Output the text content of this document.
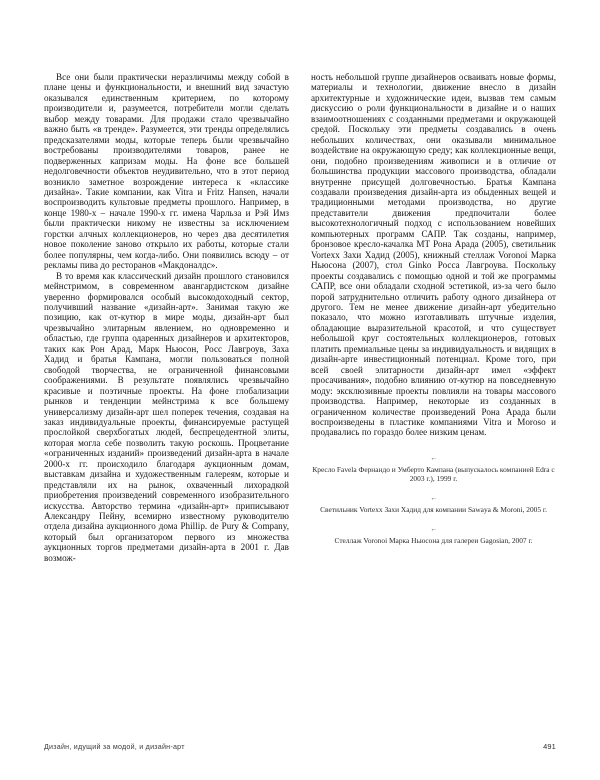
Все они были практически неразличимы между собой в плане цены и функциональности, и внешний вид зачастую оказывался единственным критерием, по которому производители и, разумеется, потребители могли сделать выбор между товарами. Для продажи стало чрезвычайно важно быть «в тренде». Разумеется, эти тренды определялись предсказателями моды, которые теперь были чрезвычайно востребованы производителями товаров, ранее не подверженных капризам моды. На фоне все большей недолговечности объектов неудивительно, что в этот период возникло заметное возрождение интереса к «классике дизайна». Такие компании, как Vitra и Fritz Hansen, начали воспроизводить культовые предметы прошлого. Например, в конце 1980-х – начале 1990-х гг. имена Чарльза и Рэй Имз были практически никому не известны за исключением горстки алчных коллекционеров, но через два десятилетия новое поколение заново открыло их работы, которые стали более популярны, чем когда-либо. Они появились всюду – от рекламы пива до ресторанов «Макдоналдс».

В то время как классический дизайн прошлого становился мейнстримом, в современном авангардистском дизайне уверенно формировался особый высокодоходный сектор, получивший название «дизайн-арт». Занимая такую же позицию, как от-кутюр в мире моды, дизайн-арт был чрезвычайно элитарным явлением, но одновременно и областью, где группа одаренных дизайнеров и архитекторов, таких как Рон Арад, Марк Ньюсон, Росс Лавгроув, Заха Хадид и братья Кампана, могли пользоваться полной свободой творчества, не ограниченной финансовыми соображениями. В результате появлялись чрезвычайно красивые и поэтичные проекты. На фоне глобализации рынков и тенденции мейнстрима к все большему универсализму дизайн-арт шел поперек течения, создавая на заказ индивидуальные проекты, финансируемые растущей прослойкой сверхбогатых людей, беспрецедентной элиты, которая могла себе позволить такую роскошь. Процветание «ограниченных изданий» произведений дизайн-арта в начале 2000-х гг. происходило благодаря аукционным домам, выставкам дизайна и художественным галереям, которые и представляли их на рынок, охваченный лихорадкой приобретения произведений современного изобразительного искусства. Авторство термина «дизайн-арт» приписывают Александру Пейну, всемирно известному руководителю отдела дизайна аукционного дома Phillip. de Pury & Company, который был организатором первого из множества аукционных торгов предметами дизайн-арта в 2001 г. Дав возмож-

ность небольшой группе дизайнеров осваивать новые формы, материалы и технологии, движение внесло в дизайн архитектурные и художнические идеи, вызвав тем самым дискуссию о роли функциональности в дизайне и о наших взаимоотношениях с созданными предметами и окружающей средой. Поскольку эти предметы создавались в очень небольших количествах, они оказывали минимальное воздействие на окружающую среду; как коллекционные вещи, они, подобно произведениям живописи и в отличие от большинства продукции массового производства, обладали внутренне присущей долговечностью. Братья Кампана создавали произведения дизайн-арта из обыденных вещей и традиционными методами производства, но другие представители движения предпочитали более высокотехнологичный подход с использованием новейших компьютерных программ САПР. Так созданы, например, бронзовое кресло-качалка MT Рона Арада (2005), светильник Vortexx Захи Хадид (2005), книжный стеллаж Voronoi Марка Ньюсона (2007), стол Ginko Росса Лавгроува. Поскольку проекты создавались с помощью одной и той же программы САПР, все они обладали сходной эстетикой, из-за чего было порой затруднительно отличить работу одного дизайнера от другого. Тем не менее движение дизайн-арт убедительно показало, что можно изготавливать штучные изделия, обладающие выразительной красотой, и что существует небольшой круг состоятельных коллекционеров, готовых платить премиальные цены за индивидуальность и видящих в дизайн-арте инвестиционный потенциал. Кроме того, при всей своей элитарности дизайн-арт имел «эффект просачивания», подобно влиянию от-кутюр на повседневную моду: эксклюзивные проекты повлияли на товары массового производства. Например, некоторые из созданных в ограниченном количестве произведений Рона Арада были воспроизведены в пластике компаниями Vitra и Moroso и продавались по гораздо более низким ценам.

←
Кресло Favela Фернандо и Умберто Кампана (выпускалось компанией Edra с 2003 г.), 1999 г.
←
Светильник Vortexx Захи Хадид для компании Sawaya & Moroni, 2005 г.
←
Стеллаж Voronoi Марка Ньюсона для галереи Gagosian, 2007 г.
Дизайн, идущий за модой, и дизайн-арт	491
